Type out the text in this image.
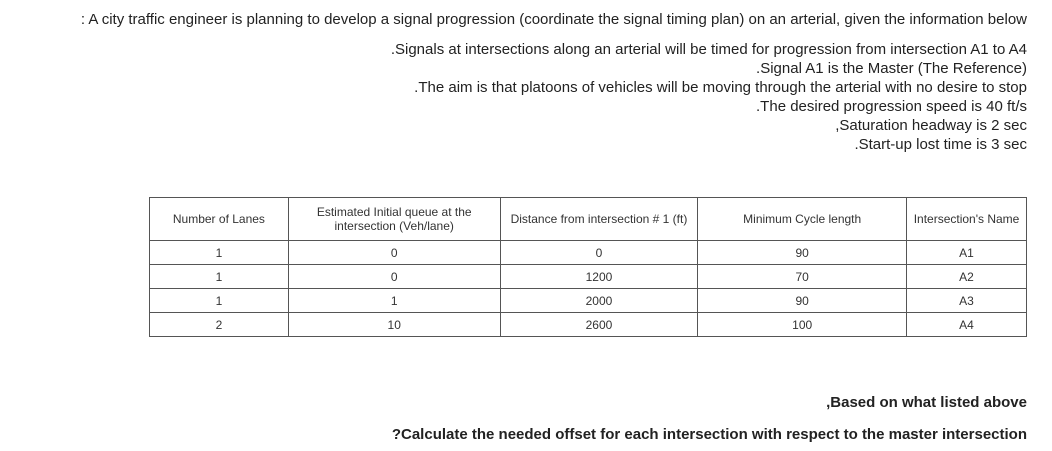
: A city traffic engineer is planning to develop a signal progression (coordinate the signal timing plan) on an arterial, given the information below
.Signals at intersections along an arterial will be timed for progression from intersection A1 to A4
.Signal A1 is the Master (The Reference)
.The aim is that platoons of vehicles will be moving through the arterial with no desire to stop
.The desired progression speed is 40 ft/s
,Saturation headway is 2 sec
.Start-up lost time is 3 sec
Number of Lanes	Estimated Initial queue at the intersection (Veh/lane)	Distance from intersection # 1 (ft)	Minimum Cycle length	Intersection's Name
1	0	0	90	A1
1	0	1200	70	A2
1	1	2000	90	A3
2	10	2600	100	A4
,Based on what listed above
?Calculate the needed offset for each intersection with respect to the master intersection
